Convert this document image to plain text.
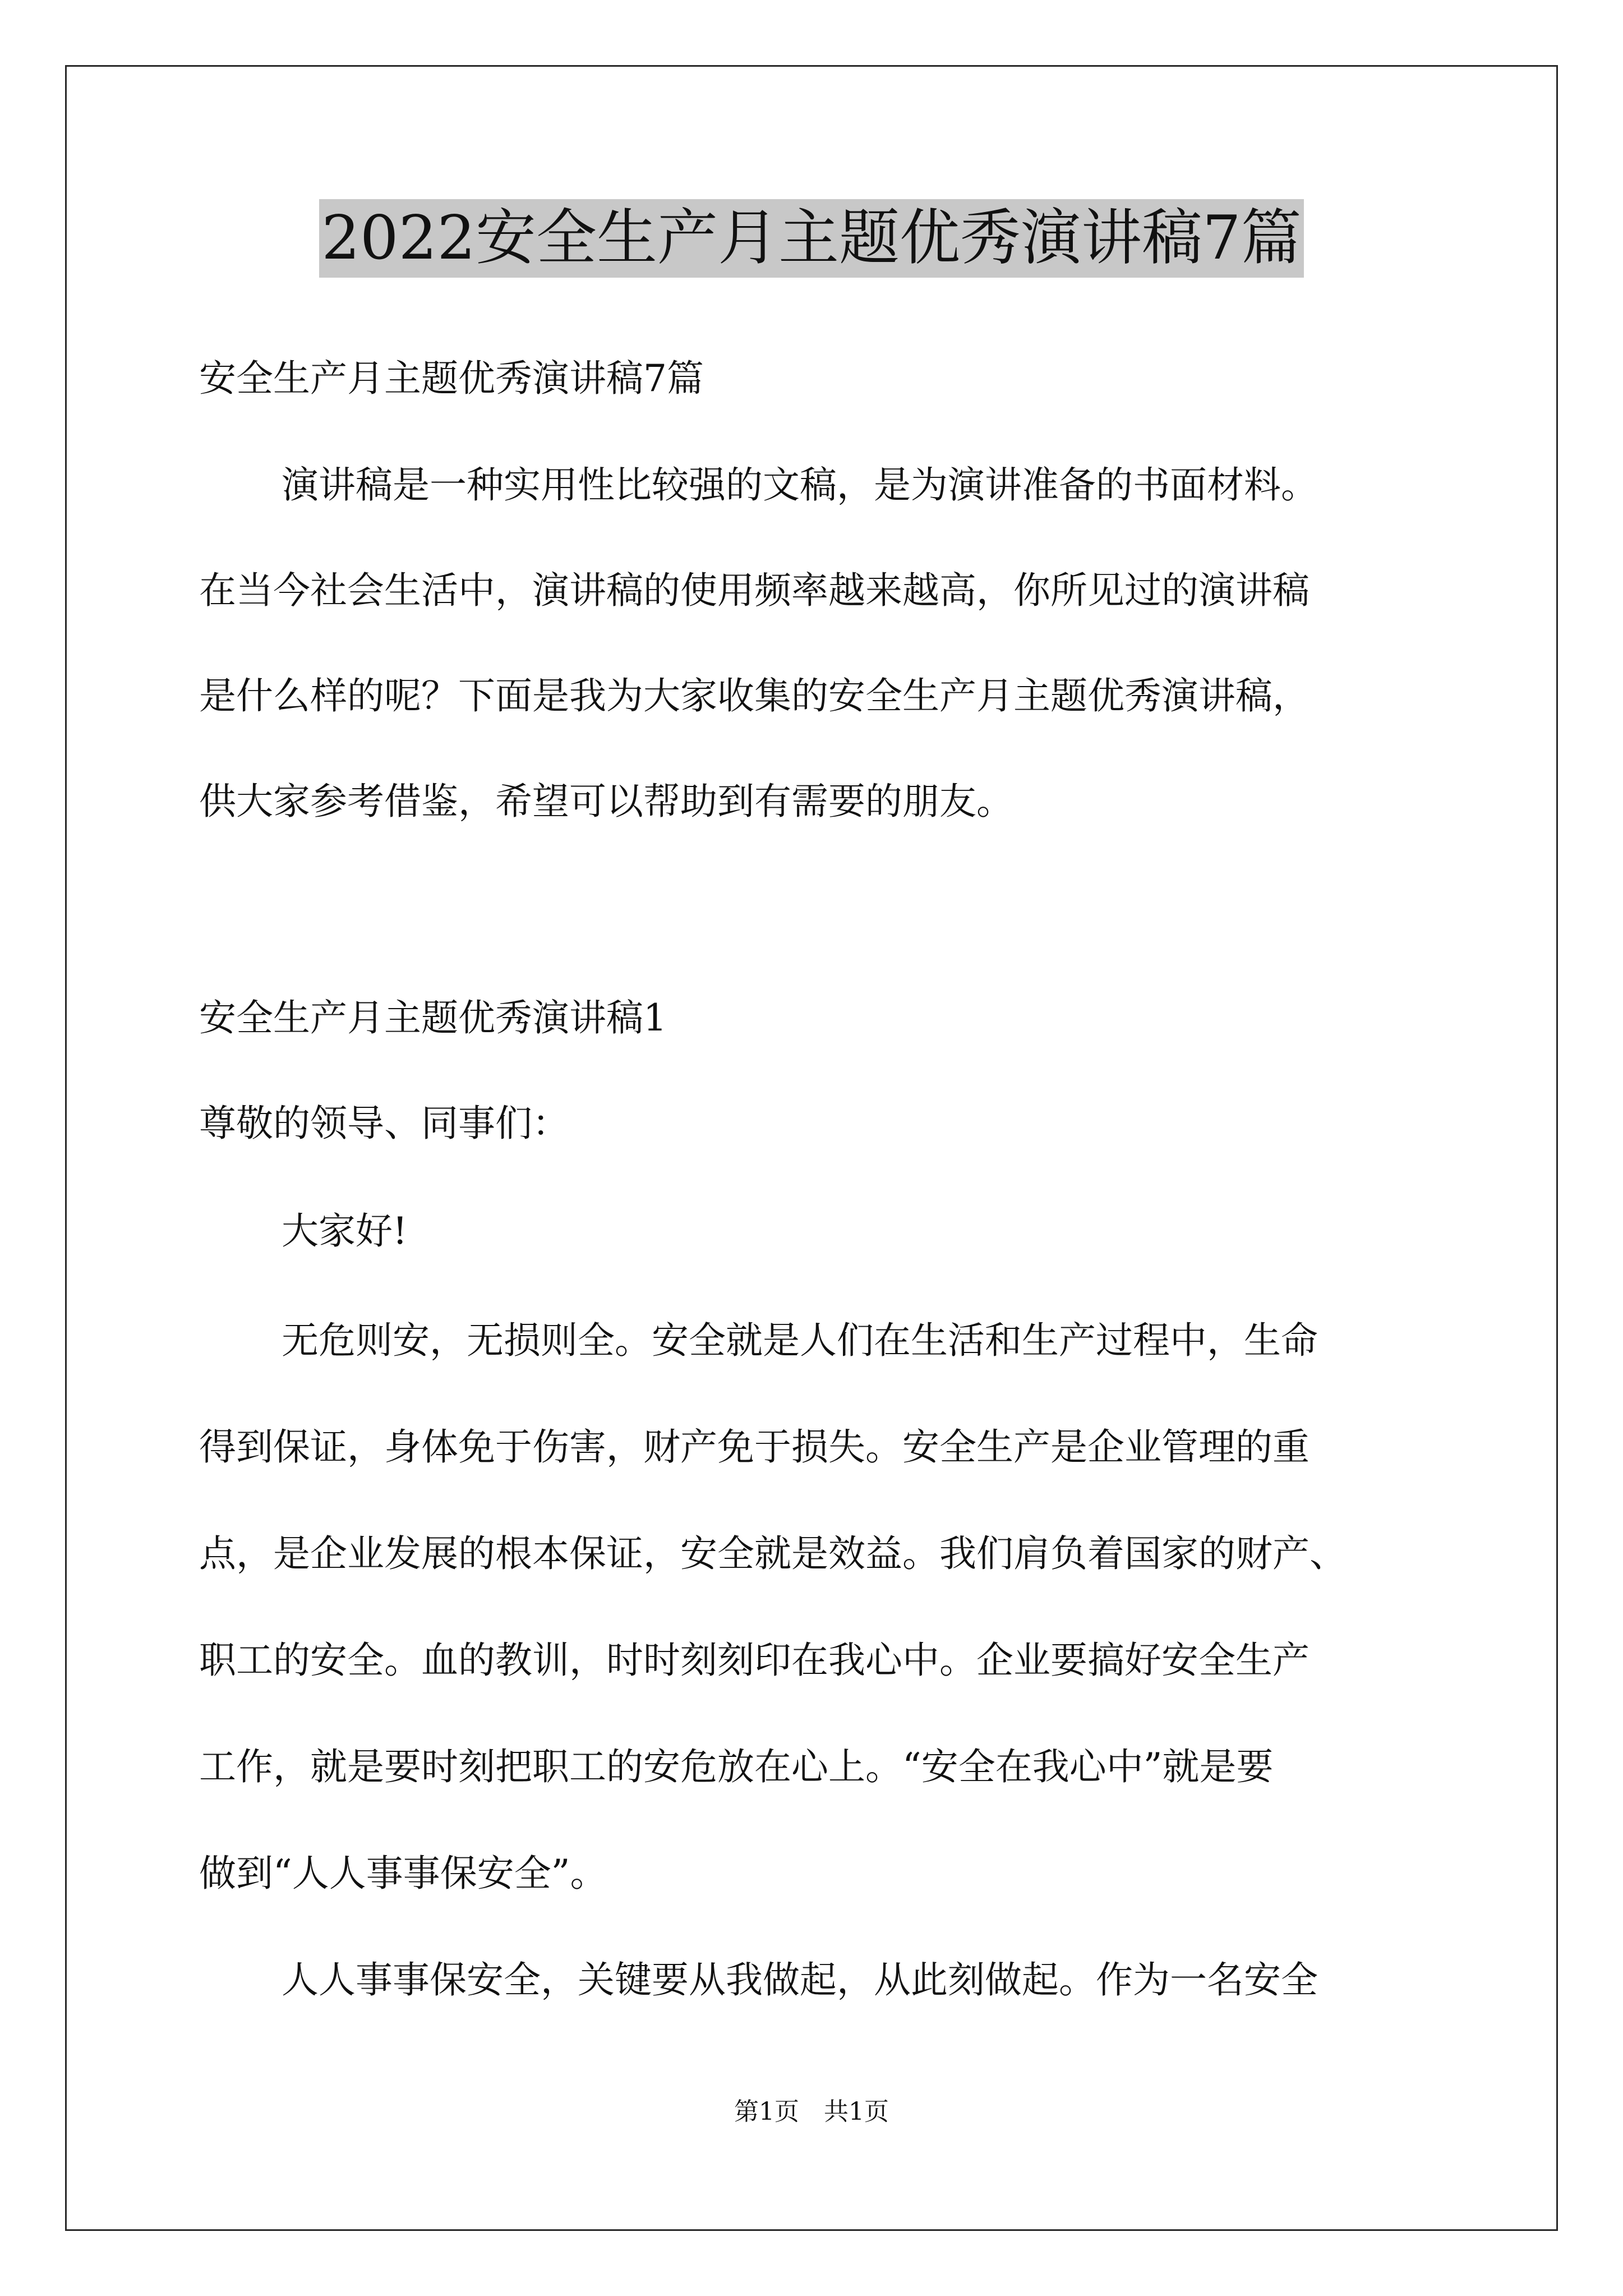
2022安全生产月主题优秀演讲稿7篇
安全生产月主题优秀演讲稿7篇
演讲稿是一种实用性比较强的文稿，是为演讲准备的书面材料。
在当今社会生活中，演讲稿的使用频率越来越高，你所见过的演讲稿
是什么样的呢？下面是我为大家收集的安全生产月主题优秀演讲稿，
供大家参考借鉴，希望可以帮助到有需要的朋友。
安全生产月主题优秀演讲稿1
尊敬的领导、同事们：
大家好!
无危则安，无损则全。安全就是人们在生活和生产过程中，生命
得到保证，身体免于伤害，财产免于损失。安全生产是企业管理的重
点，是企业发展的根本保证，安全就是效益。我们肩负着国家的财产、
职工的安全。血的教训，时时刻刻印在我心中。企业要搞好安全生产
工作，就是要时刻把职工的安危放在心上。“安全在我心中”就是要
做到“人人事事保安全”。
人人事事保安全，关键要从我做起，从此刻做起。作为一名安全
第1页　共1页
